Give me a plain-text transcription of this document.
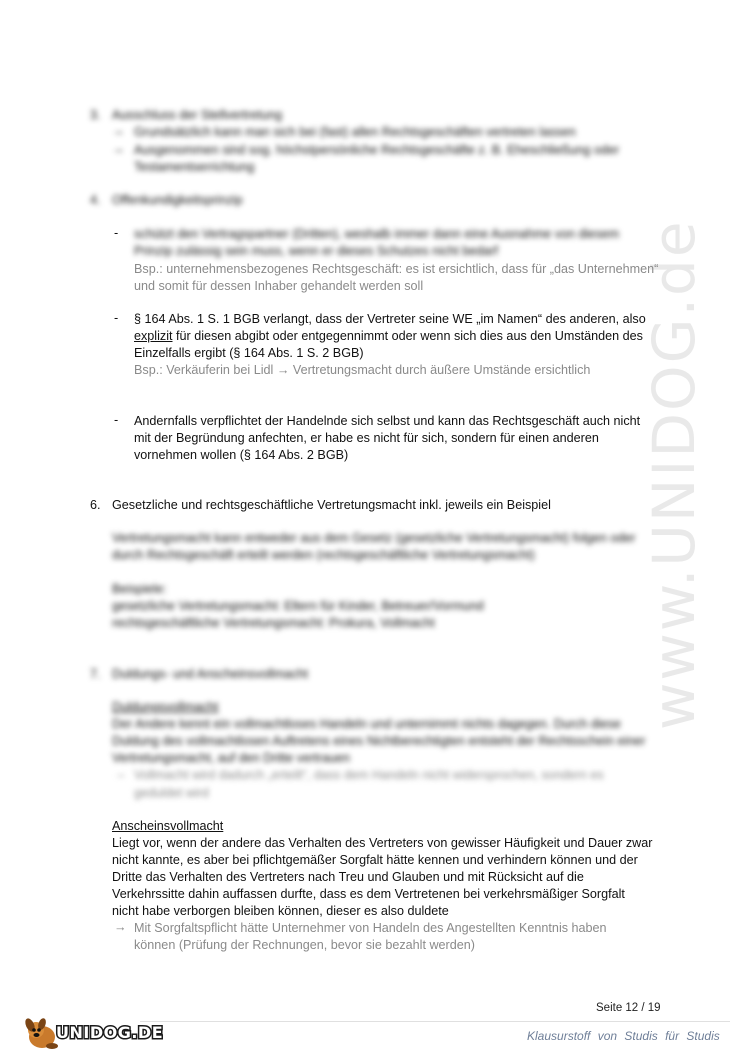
www.UNIDOG.de
3. Ausschluss der Stellvertretung
→ Grundsätzlich kann man sich bei (fast) allen Rechtsgeschäften vertreten lassen
→ Ausgenommen sind sog. höchstpersönliche Rechtsgeschäfte z. B. Eheschließung oder
Testamentserrichtung
4. Offenkundigkeitsprinzip
- schützt den Vertragspartner (Dritten), weshalb immer dann eine Ausnahme von diesem
Prinzip zulässig sein muss, wenn er dieses Schutzes nicht bedarf
Bsp.: unternehmensbezogenes Rechtsgeschäft: es ist ersichtlich, dass für „das Unternehmen“
und somit für dessen Inhaber gehandelt werden soll
- § 164 Abs. 1 S. 1 BGB verlangt, dass der Vertreter seine WE „im Namen“ des anderen, also
explizit für diesen abgibt oder entgegennimmt oder wenn sich dies aus den Umständen des
Einzelfalls ergibt (§ 164 Abs. 1 S. 2 BGB)
Bsp.: Verkäuferin bei Lidl → Vertretungsmacht durch äußere Umstände ersichtlich
- Andernfalls verpflichtet der Handelnde sich selbst und kann das Rechtsgeschäft auch nicht
mit der Begründung anfechten, er habe es nicht für sich, sondern für einen anderen
vornehmen wollen (§ 164 Abs. 2 BGB)
6. Gesetzliche und rechtsgeschäftliche Vertretungsmacht inkl. jeweils ein Beispiel
Vertretungsmacht kann entweder aus dem Gesetz (gesetzliche Vertretungsmacht) folgen oder
durch Rechtsgeschäft erteilt werden (rechtsgeschäftliche Vertretungsmacht)
Beispiele:
gesetzliche Vertretungsmacht: Eltern für Kinder, Betreuer/Vormund
rechtsgeschäftliche Vertretungsmacht: Prokura, Vollmacht
7. Duldungs- und Anscheinsvollmacht
Duldungsvollmacht
Der Andere kennt ein vollmachtloses Handeln und unternimmt nichts dagegen. Durch diese
Duldung des vollmachtlosen Auftretens eines Nichtberechtigten entsteht der Rechtsschein einer
Vertretungsmacht, auf den Dritte vertrauen
→ Vollmacht wird dadurch „erteilt“, dass dem Handeln nicht widersprochen, sondern es
geduldet wird
Anscheinsvollmacht
Liegt vor, wenn der andere das Verhalten des Vertreters von gewisser Häufigkeit und Dauer zwar
nicht kannte, es aber bei pflichtgemäßer Sorgfalt hätte kennen und verhindern können und der
Dritte das Verhalten des Vertreters nach Treu und Glauben und mit Rücksicht auf die
Verkehrssitte dahin auffassen durfte, dass es dem Vertretenen bei verkehrsmäßiger Sorgfalt
nicht habe verborgen bleiben können, dieser es also duldete
→ Mit Sorgfaltspflicht hätte Unternehmer von Handeln des Angestellten Kenntnis haben
können (Prüfung der Rechnungen, bevor sie bezahlt werden)
Seite 12 / 19
UNIDOG.DE	Klausurstoff von Studis für Studis
